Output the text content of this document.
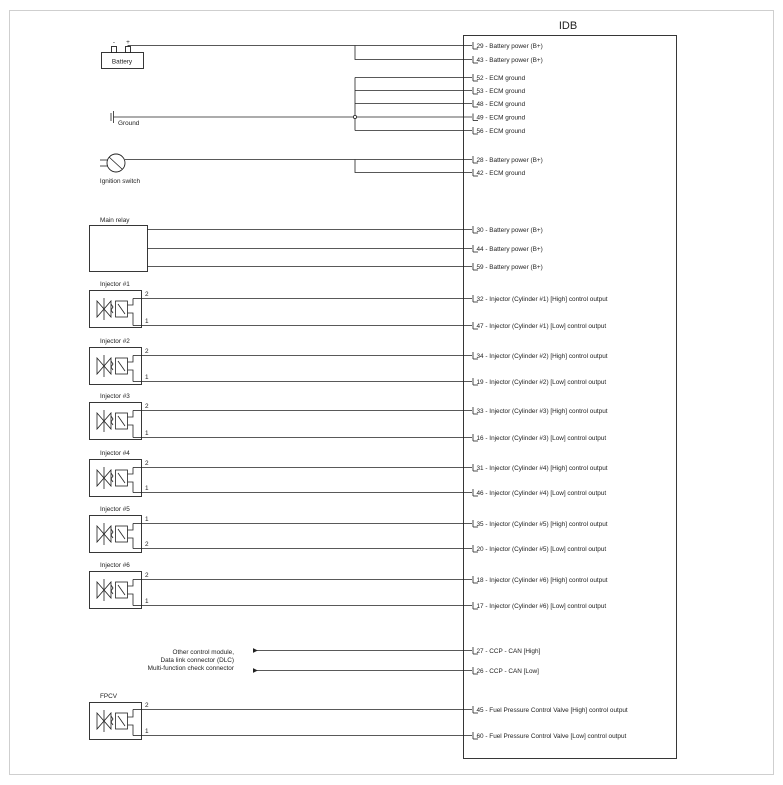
IDB
29 - Battery power (B+)
43 - Battery power (B+)
52 - ECM ground
53 - ECM ground
48 - ECM ground
49 - ECM ground
56 - ECM ground
28 - Battery power (B+)
42 - ECM ground
30 - Battery power (B+)
44 - Battery power (B+)
59 - Battery power (B+)
32 - Injector (Cylinder #1) [High] control output
47 - Injector (Cylinder #1) [Low] control output
34 - Injector (Cylinder #2) [High] control output
19 - Injector (Cylinder #2) [Low] control output
33 - Injector (Cylinder #3) [High] control output
16 - Injector (Cylinder #3) [Low] control output
31 - Injector (Cylinder #4) [High] control output
46 - Injector (Cylinder #4) [Low] control output
35 - Injector (Cylinder #5) [High] control output
20 - Injector (Cylinder #5) [Low] control output
18 - Injector (Cylinder #6) [High] control output
17 - Injector (Cylinder #6) [Low] control output
27 - CCP - CAN [High]
26 - CCP - CAN [Low]
45 - Fuel Pressure Control Valve [High] control output
60 - Fuel Pressure Control Valve [Low] control output
Battery
- +
Ground
Ignition switch
Main relay
Injector #1
2
1
Injector #2
2
1
Injector #3
2
1
Injector #4
2
1
Injector #5
1
2
Injector #6
2
1
FPCV
2
1
Other control module,
Data link connector (DLC)
Multi-function check connector
